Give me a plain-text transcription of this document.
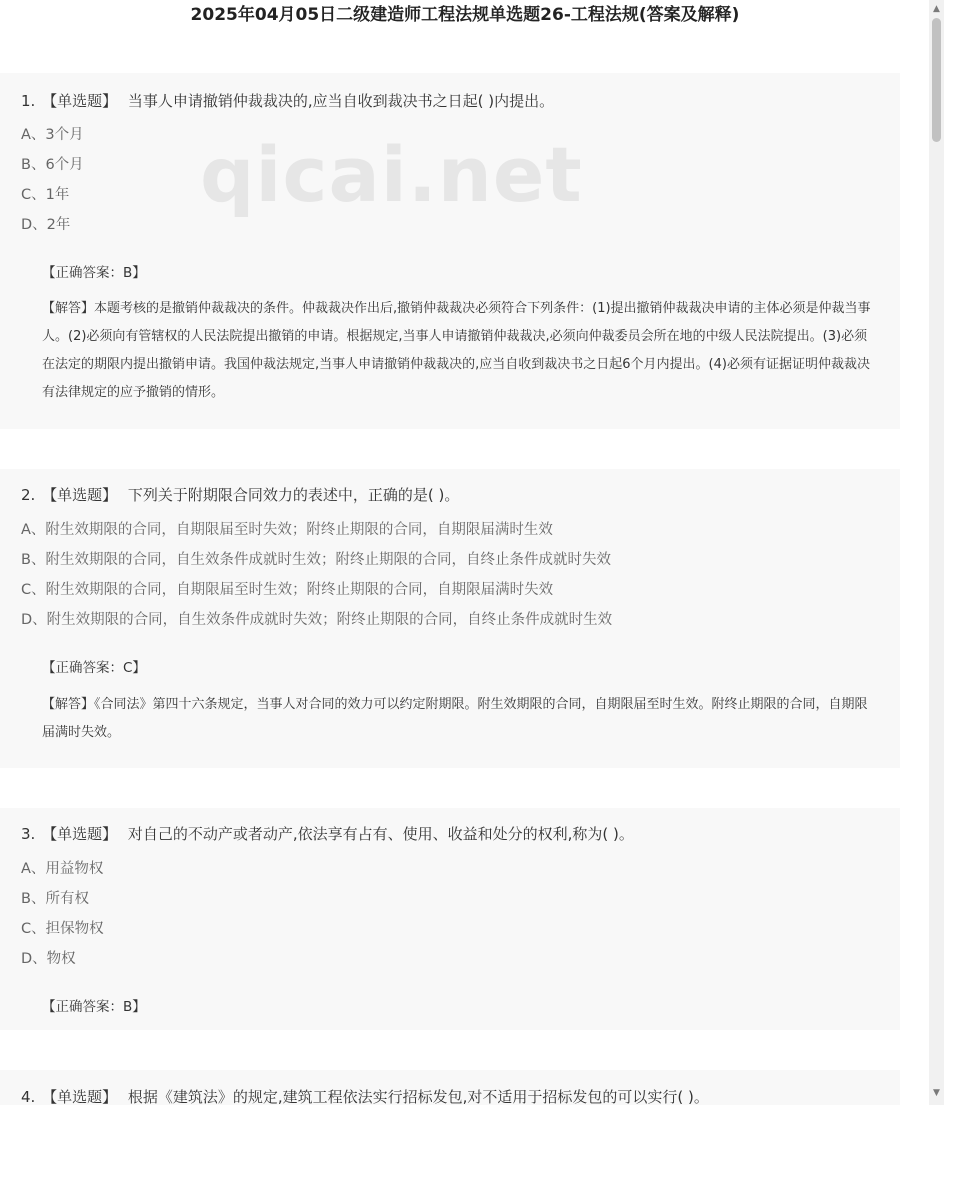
2025年04月05日二级建造师工程法规单选题26-工程法规(答案及解释)
1. 【单选题】 当事人申请撤销仲裁裁决的,应当自收到裁决书之日起( )内提出。
A、3个月
B、6个月
C、1年
D、2年
【正确答案：B】
【解答】本题考核的是撤销仲裁裁决的条件。仲裁裁决作出后,撤销仲裁裁决必须符合下列条件：(1)提出撤销仲裁裁决申请的主体必须是仲裁当事人。(2)必须向有管辖权的人民法院提出撤销的申请。根据规定,当事人申请撤销仲裁裁决,必须向仲裁委员会所在地的中级人民法院提出。(3)必须在法定的期限内提出撤销申请。我国仲裁法规定,当事人申请撤销仲裁裁决的,应当自收到裁决书之日起6个月内提出。(4)必须有证据证明仲裁裁决有法律规定的应予撤销的情形。
2. 【单选题】 下列关于附期限合同效力的表述中，正确的是( )。
A、附生效期限的合同，自期限届至时失效；附终止期限的合同，自期限届满时生效
B、附生效期限的合同，自生效条件成就时生效；附终止期限的合同，自终止条件成就时失效
C、附生效期限的合同，自期限届至时生效；附终止期限的合同，自期限届满时失效
D、附生效期限的合同，自生效条件成就时失效；附终止期限的合同，自终止条件成就时生效
【正确答案：C】
【解答】《合同法》第四十六条规定，当事人对合同的效力可以约定附期限。附生效期限的合同，自期限届至时生效。附终止期限的合同，自期限届满时失效。
3. 【单选题】 对自己的不动产或者动产,依法享有占有、使用、收益和处分的权利,称为( )。
A、用益物权
B、所有权
C、担保物权
D、物权
【正确答案：B】
4. 【单选题】 根据《建筑法》的规定,建筑工程依法实行招标发包,对不适用于招标发包的可以实行( )。
qicai.net
▲
▼
